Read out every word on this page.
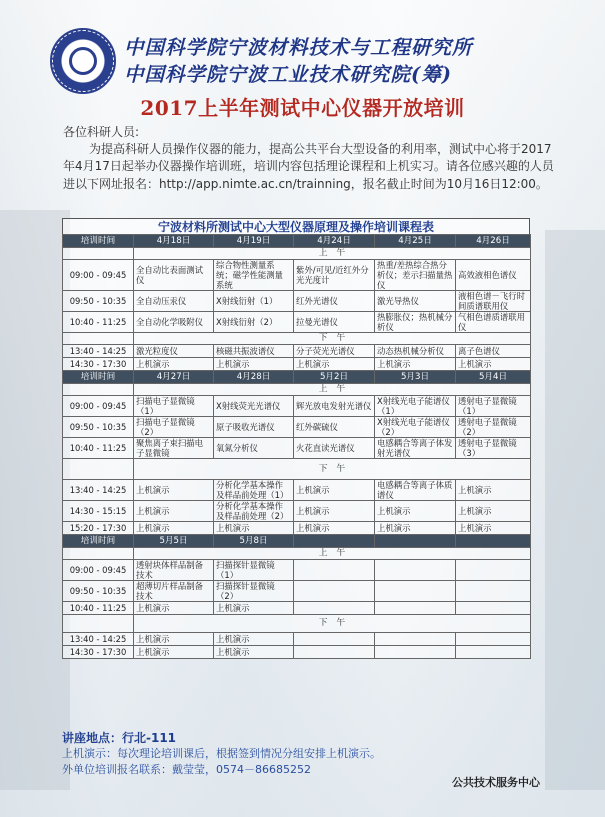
中国科学院宁波材料技术与工程研究所
中国科学院宁波工业技术研究院(筹)
2017上半年测试中心仪器开放培训

各位科研人员:

为提高科研人员操作仪器的能力，提高公共平台大型设备的利用率，测试中心将于2017年4月17日起举办仪器操作培训班，培训内容包括理论课程和上机实习。请各位感兴趣的人员进以下网址报名：http://app.nimte.ac.cn/trainning，报名截止时间为10月16日12:00。

宁波材料所测试中心大型仪器原理及操作培训课程表
培训时间	4月18日	4月19日	4月24日	4月25日	4月26日
	上　午				
09:00 - 09:45	全自动比表面测试仪	综合物性测量系统；磁学性能测量系统	紫外/可见/近红外分光光度计	热重/差热综合热分析仪；差示扫描量热仪	高效液相色谱仪
09:50 - 10:35	全自动压汞仪	X射线衍射（1）	红外光谱仪	激光导热仪	液相色谱－飞行时间质谱联用仪
10:40 - 11:25	全自动化学吸附仪	X射线衍射（2）	拉曼光谱仪	热膨胀仪；热机械分析仪	气相色谱质谱联用仪
	下　午				
13:40 - 14:25	激光粒度仪	核磁共振波谱仪	分子荧光光谱仪	动态热机械分析仪	离子色谱仪
14:30 - 17:30	上机演示	上机演示	上机演示	上机演示	上机演示
培训时间	4月27日	4月28日	5月2日	5月3日	5月4日
	上　午				
09:00 - 09:45	扫描电子显微镜（1）	X射线荧光光谱仪	辉光放电发射光谱仪	X射线光电子能谱仪（1）	透射电子显微镜（1）
09:50 - 10:35	扫描电子显微镜（2）	原子吸收光谱仪	红外碳硫仪	X射线光电子能谱仪（2）	透射电子显微镜（2）
10:40 - 11:25	聚焦离子束扫描电子显微镜	氧氮分析仪	火花直读光谱仪	电感耦合等离子体发射光谱仪	透射电子显微镜（3）
	下　午				
13:40 - 14:25	上机演示	分析化学基本操作及样品前处理（1）	上机演示	电感耦合等离子体质谱仪	上机演示
14:30 - 15:15	上机演示	分析化学基本操作及样品前处理（2）	上机演示	上机演示	上机演示
15:20 - 17:30	上机演示	上机演示	上机演示	上机演示	上机演示
培训时间	5月5日	5月8日			
	上　午				
09:00 - 09:45	透射块体样品制备技术	扫描探针显微镜（1）			
09:50 - 10:35	超薄切片样品制备技术	扫描探针显微镜（2）			
10:40 - 11:25	上机演示	上机演示			
	下　午				
13:40 - 14:25	上机演示	上机演示			
14:30 - 17:30	上机演示	上机演示			
讲座地点：行北-111
上机演示：每次理论培训课后，根据签到情况分组安排上机演示。
外单位培训报名联系：戴莹莹，0574－86685252
公共技术服务中心
